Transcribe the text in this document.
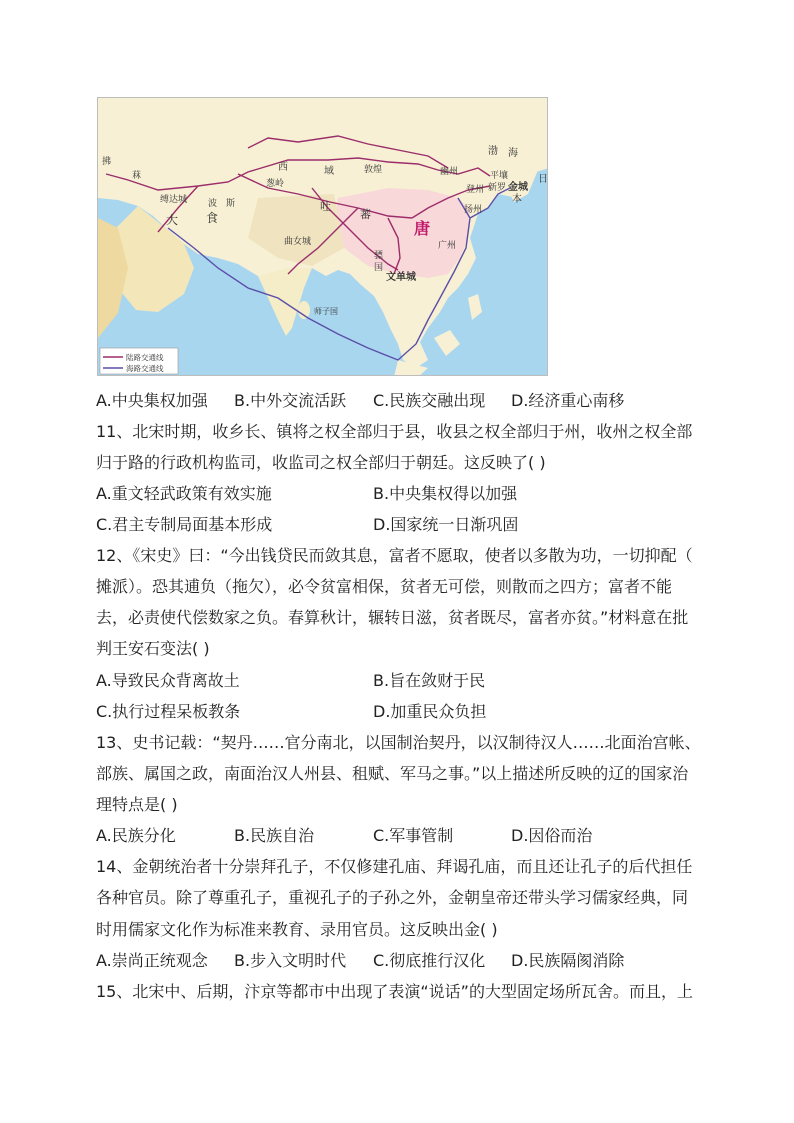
拂
菻
西	域	敦煌	幽州
渤 海
平壤
新罗 金城
日
本
缚达城 波 斯
葱岭
大 食
吐
蕃
登州
扬州
唐
曲女城	广州
骠
国
文单城
师子国
陆路交通线
海路交通线
A.中央集权加强 B.中外交流活跃 C.民族交融出现 D.经济重心南移
11、北宋时期，收乡长、镇将之权全部归于县，收县之权全部归于州，收州之权全部
归于路的行政机构监司，收监司之权全部归于朝廷。这反映了( )
A.重文轻武政策有效实施	B.中央集权得以加强
C.君主专制局面基本形成	D.国家统一日渐巩固
12、《宋史》曰：“今出钱贷民而敛其息，富者不愿取，使者以多散为功，一切抑配（
摊派）。恐其逋负（拖欠），必令贫富相保，贫者无可偿，则散而之四方；富者不能
去，必责使代偿数家之负。春算秋计，辗转日滋，贫者既尽，富者亦贫。”材料意在批
判王安石变法( )
A.导致民众背离故土	B.旨在敛财于民
C.执行过程呆板教条	D.加重民众负担
13、史书记载：“契丹……官分南北，以国制治契丹，以汉制待汉人……北面治宫帐、
部族、属国之政，南面治汉人州县、租赋、军马之事。”以上描述所反映的辽的国家治
理特点是( )
A.民族分化	B.民族自治	C.军事管制	D.因俗而治
14、金朝统治者十分崇拜孔子，不仅修建孔庙、拜谒孔庙，而且还让孔子的后代担任
各种官员。除了尊重孔子，重视孔子的子孙之外，金朝皇帝还带头学习儒家经典，同
时用儒家文化作为标准来教育、录用官员。这反映出金( )
A.崇尚正统观念 B.步入文明时代 C.彻底推行汉化 D.民族隔阂消除
15、北宋中、后期，汴京等都市中出现了表演“说话”的大型固定场所瓦舍。而且，上
